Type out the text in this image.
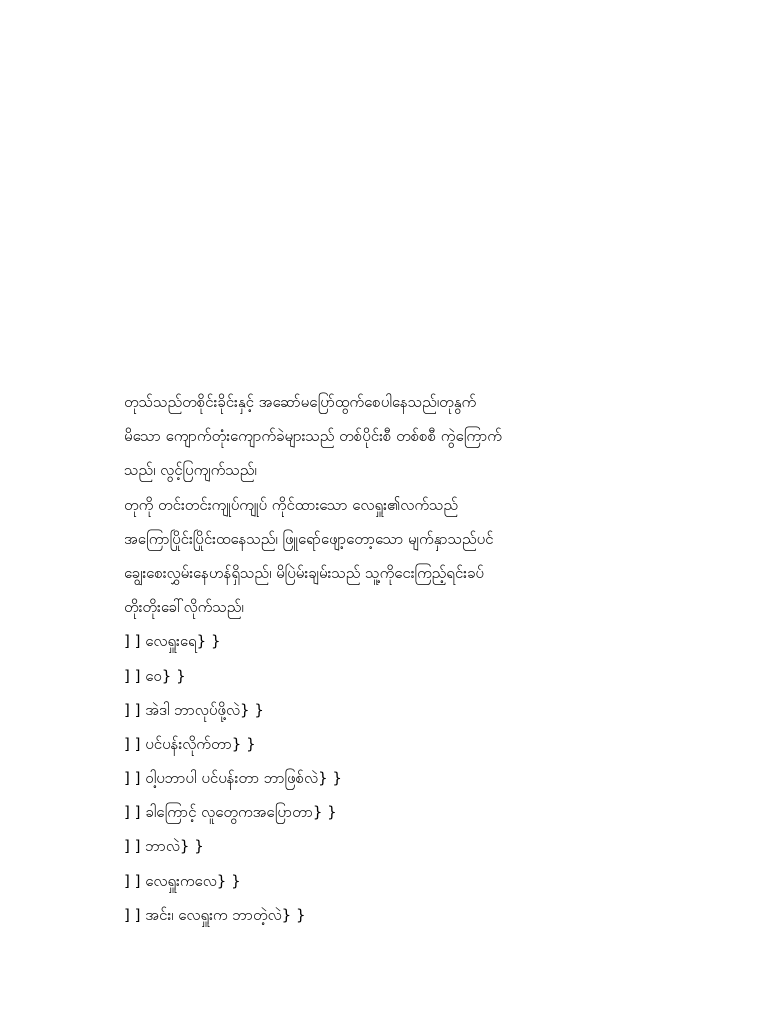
တုသ်သည်တစိုင်းခိုင်းနှင့် အဆော်မပြော်ထွက်စေပါနေသည်၊တုနွက်
မိသော ကျောက်တုံးကျောက်ခဲများသည် တစ်ပိုင်းစီ တစ်စစီ ကွဲကြောက်
သည်၊ လွင့်ပြကျက်သည်၊
တုကို တင်းတင်းကျုပ်ကျုပ် ကိုင်ထားသော လေရှူး၏လက်သည်
အကြောပြိုင်းပြိုင်းထနေသည်၊ ဖြူရော်ဖျော့တော့သော မျက်နှာသည်ပင်
ချွေးစေးလွှမ်းနေဟန်ရှိသည်၊ မိပြဲမ်းချမ်းသည် သူ့ကိုငေးကြည့်ရင်းခပ်
တိုးတိုးခေါ်လိုက်သည်၊
] ] လေရှူးရေ} }
] ] ဝေ} }
] ] အဲဒါ ဘာလုပ်ဖို့လဲ} }
] ] ပင်ပန်းလိုက်တာ} }
] ] ဝါ့ပဘာပါ ပင်ပန်းတာ ဘာဖြစ်လဲ} }
] ] ခါကြောင့် လူတွေကအပြောတာ} }
] ] ဘာလဲ} }
] ] လေရှူးကလေ} }
] ] အင်း၊ လေရှူးက ဘာတဲ့လဲ} }
